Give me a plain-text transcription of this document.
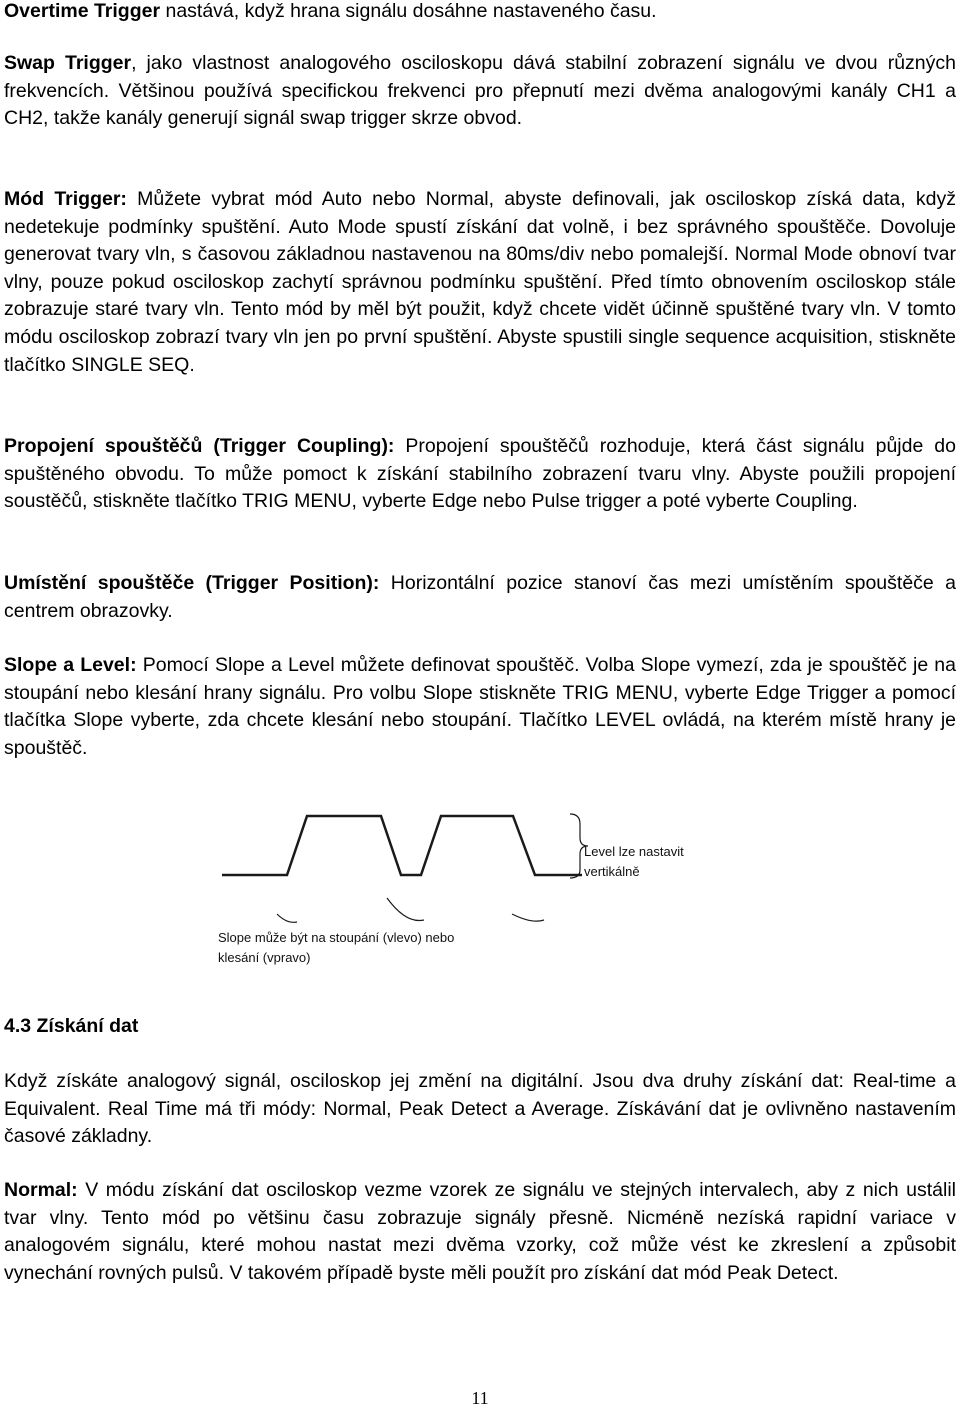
Overtime Trigger nastává, když hrana signálu dosáhne nastaveného času.

Swap Trigger, jako vlastnost analogového osciloskopu dává stabilní zobrazení signálu ve dvou různých frekvencích. Většinou používá specifickou frekvenci pro přepnutí mezi dvěma analogovými kanály CH1 a CH2, takže kanály generují signál swap trigger skrze obvod.

Mód Trigger: Můžete vybrat mód Auto nebo Normal, abyste definovali, jak osciloskop získá data, když nedetekuje podmínky spuštění. Auto Mode spustí získání dat volně, i bez správného spouštěče. Dovoluje generovat tvary vln, s časovou základnou nastavenou na 80ms/div nebo pomalejší. Normal Mode obnoví tvar vlny, pouze pokud osciloskop zachytí správnou podmínku spuštění. Před tímto obnovením osciloskop stále zobrazuje staré tvary vln. Tento mód by měl být použit, když chcete vidět účinně spuštěné tvary vln. V tomto módu osciloskop zobrazí tvary vln jen po první spuštění. Abyste spustili single sequence acquisition, stiskněte tlačítko SINGLE SEQ.

Propojení spouštěčů (Trigger Coupling): Propojení spouštěčů rozhoduje, která část signálu půjde do spuštěného obvodu. To může pomoct k získání stabilního zobrazení tvaru vlny. Abyste použili propojení soustěčů, stiskněte tlačítko TRIG MENU, vyberte Edge nebo Pulse trigger a poté vyberte Coupling.

Umístění spouštěče (Trigger Position): Horizontální pozice stanoví čas mezi umístěním spouštěče a centrem obrazovky.

Slope a Level: Pomocí Slope a Level můžete definovat spouštěč. Volba Slope vymezí, zda je spouštěč je na stoupání nebo klesání hrany signálu. Pro volbu Slope stiskněte TRIG MENU, vyberte Edge Trigger a pomocí tlačítka Slope vyberte, zda chcete klesání nebo stoupání. Tlačítko LEVEL ovládá, na kterém místě hrany je spouštěč.

Level lze nastavit
vertikálně
Slope může být na stoupání (vlevo) nebo
klesání (vpravo)
4.3 Získání dat

Když získáte analogový signál, osciloskop jej změní na digitální. Jsou dva druhy získání dat: Real-time a Equivalent. Real Time má tři módy: Normal, Peak Detect a Average. Získávání dat je ovlivněno nastavením časové základny.

Normal: V módu získání dat osciloskop vezme vzorek ze signálu ve stejných intervalech, aby z nich ustálil tvar vlny. Tento mód po většinu času zobrazuje signály přesně. Nicméně nezíská rapidní variace v analogovém signálu, které mohou nastat mezi dvěma vzorky, což může vést ke zkreslení a způsobit vynechání rovných pulsů. V takovém případě byste měli použít pro získání dat mód Peak Detect.

11
